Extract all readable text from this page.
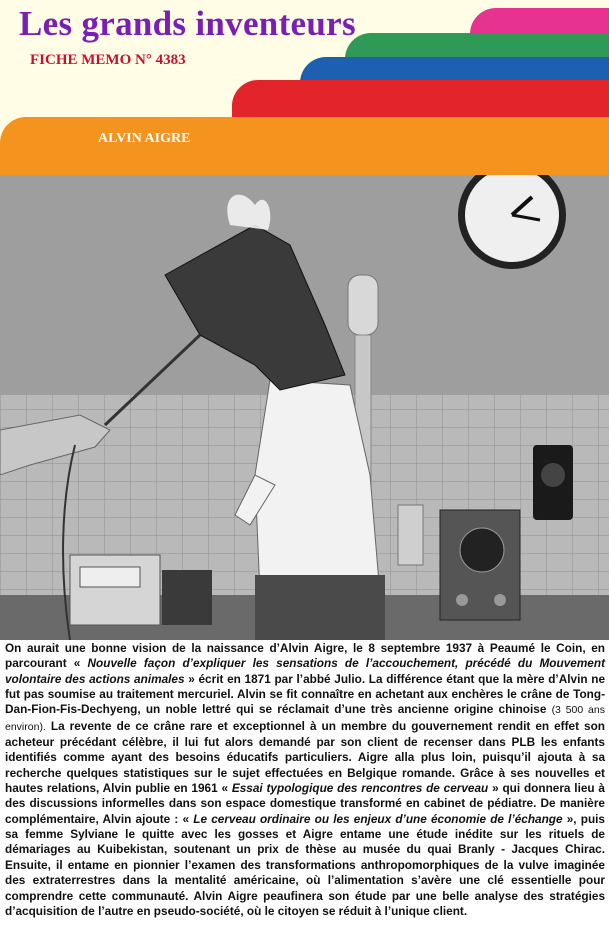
Les grands inventeurs
FICHE MEMO N° 4383
ALVIN AIGRE

On aurait une bonne vision de la naissance d’Alvin Aigre, le 8 septembre 1937 à Peaumé le Coin, en parcourant « Nouvelle façon d’expliquer les sensations de l’accouchement, précédé du Mouvement volontaire des actions animales » écrit en 1871 par l’abbé Julio. La différence étant que la mère d’Alvin ne fut pas soumise au traitement mercuriel. Alvin se fit connaître en achetant aux enchères le crâne de Tong-Dan-Fion-Fis-Dechyeng, un noble lettré qui se réclamait d’une très ancienne origine chinoise (3 500 ans environ). La revente de ce crâne rare et exceptionnel à un membre du gouvernement rendit en effet son acheteur précédant célèbre, il lui fut alors demandé par son client de recenser dans PLB les enfants identifiés comme ayant des besoins éducatifs particuliers. Aigre alla plus loin, puisqu’il ajouta à sa recherche quelques statistiques sur le sujet effectuées en Belgique romande. Grâce à ses nouvelles et hautes relations, Alvin publie en 1961 « Essai typologique des rencontres de cerveau » qui donnera lieu à des discussions informelles dans son espace domestique transformé en cabinet de pédiatre. De manière complémentaire, Alvin ajoute : « Le cerveau ordinaire ou les enjeux d’une économie de l’échange », puis sa femme Sylviane le quitte avec les gosses et Aigre entame une étude inédite sur les rituels de démariages au Kuibekistan, soutenant un prix de thèse au musée du quai Branly - Jacques Chirac. Ensuite, il entame en pionnier l’examen des transformations anthropomorphiques de la vulve imaginée des extraterrestres dans la mentalité américaine, où l’alimentation s’avère une clé essentielle pour comprendre cette communauté. Alvin Aigre peaufinera son étude par une belle analyse des stratégies d’acquisition de l’autre en pseudo-société, où le citoyen se réduit à l’unique client.
